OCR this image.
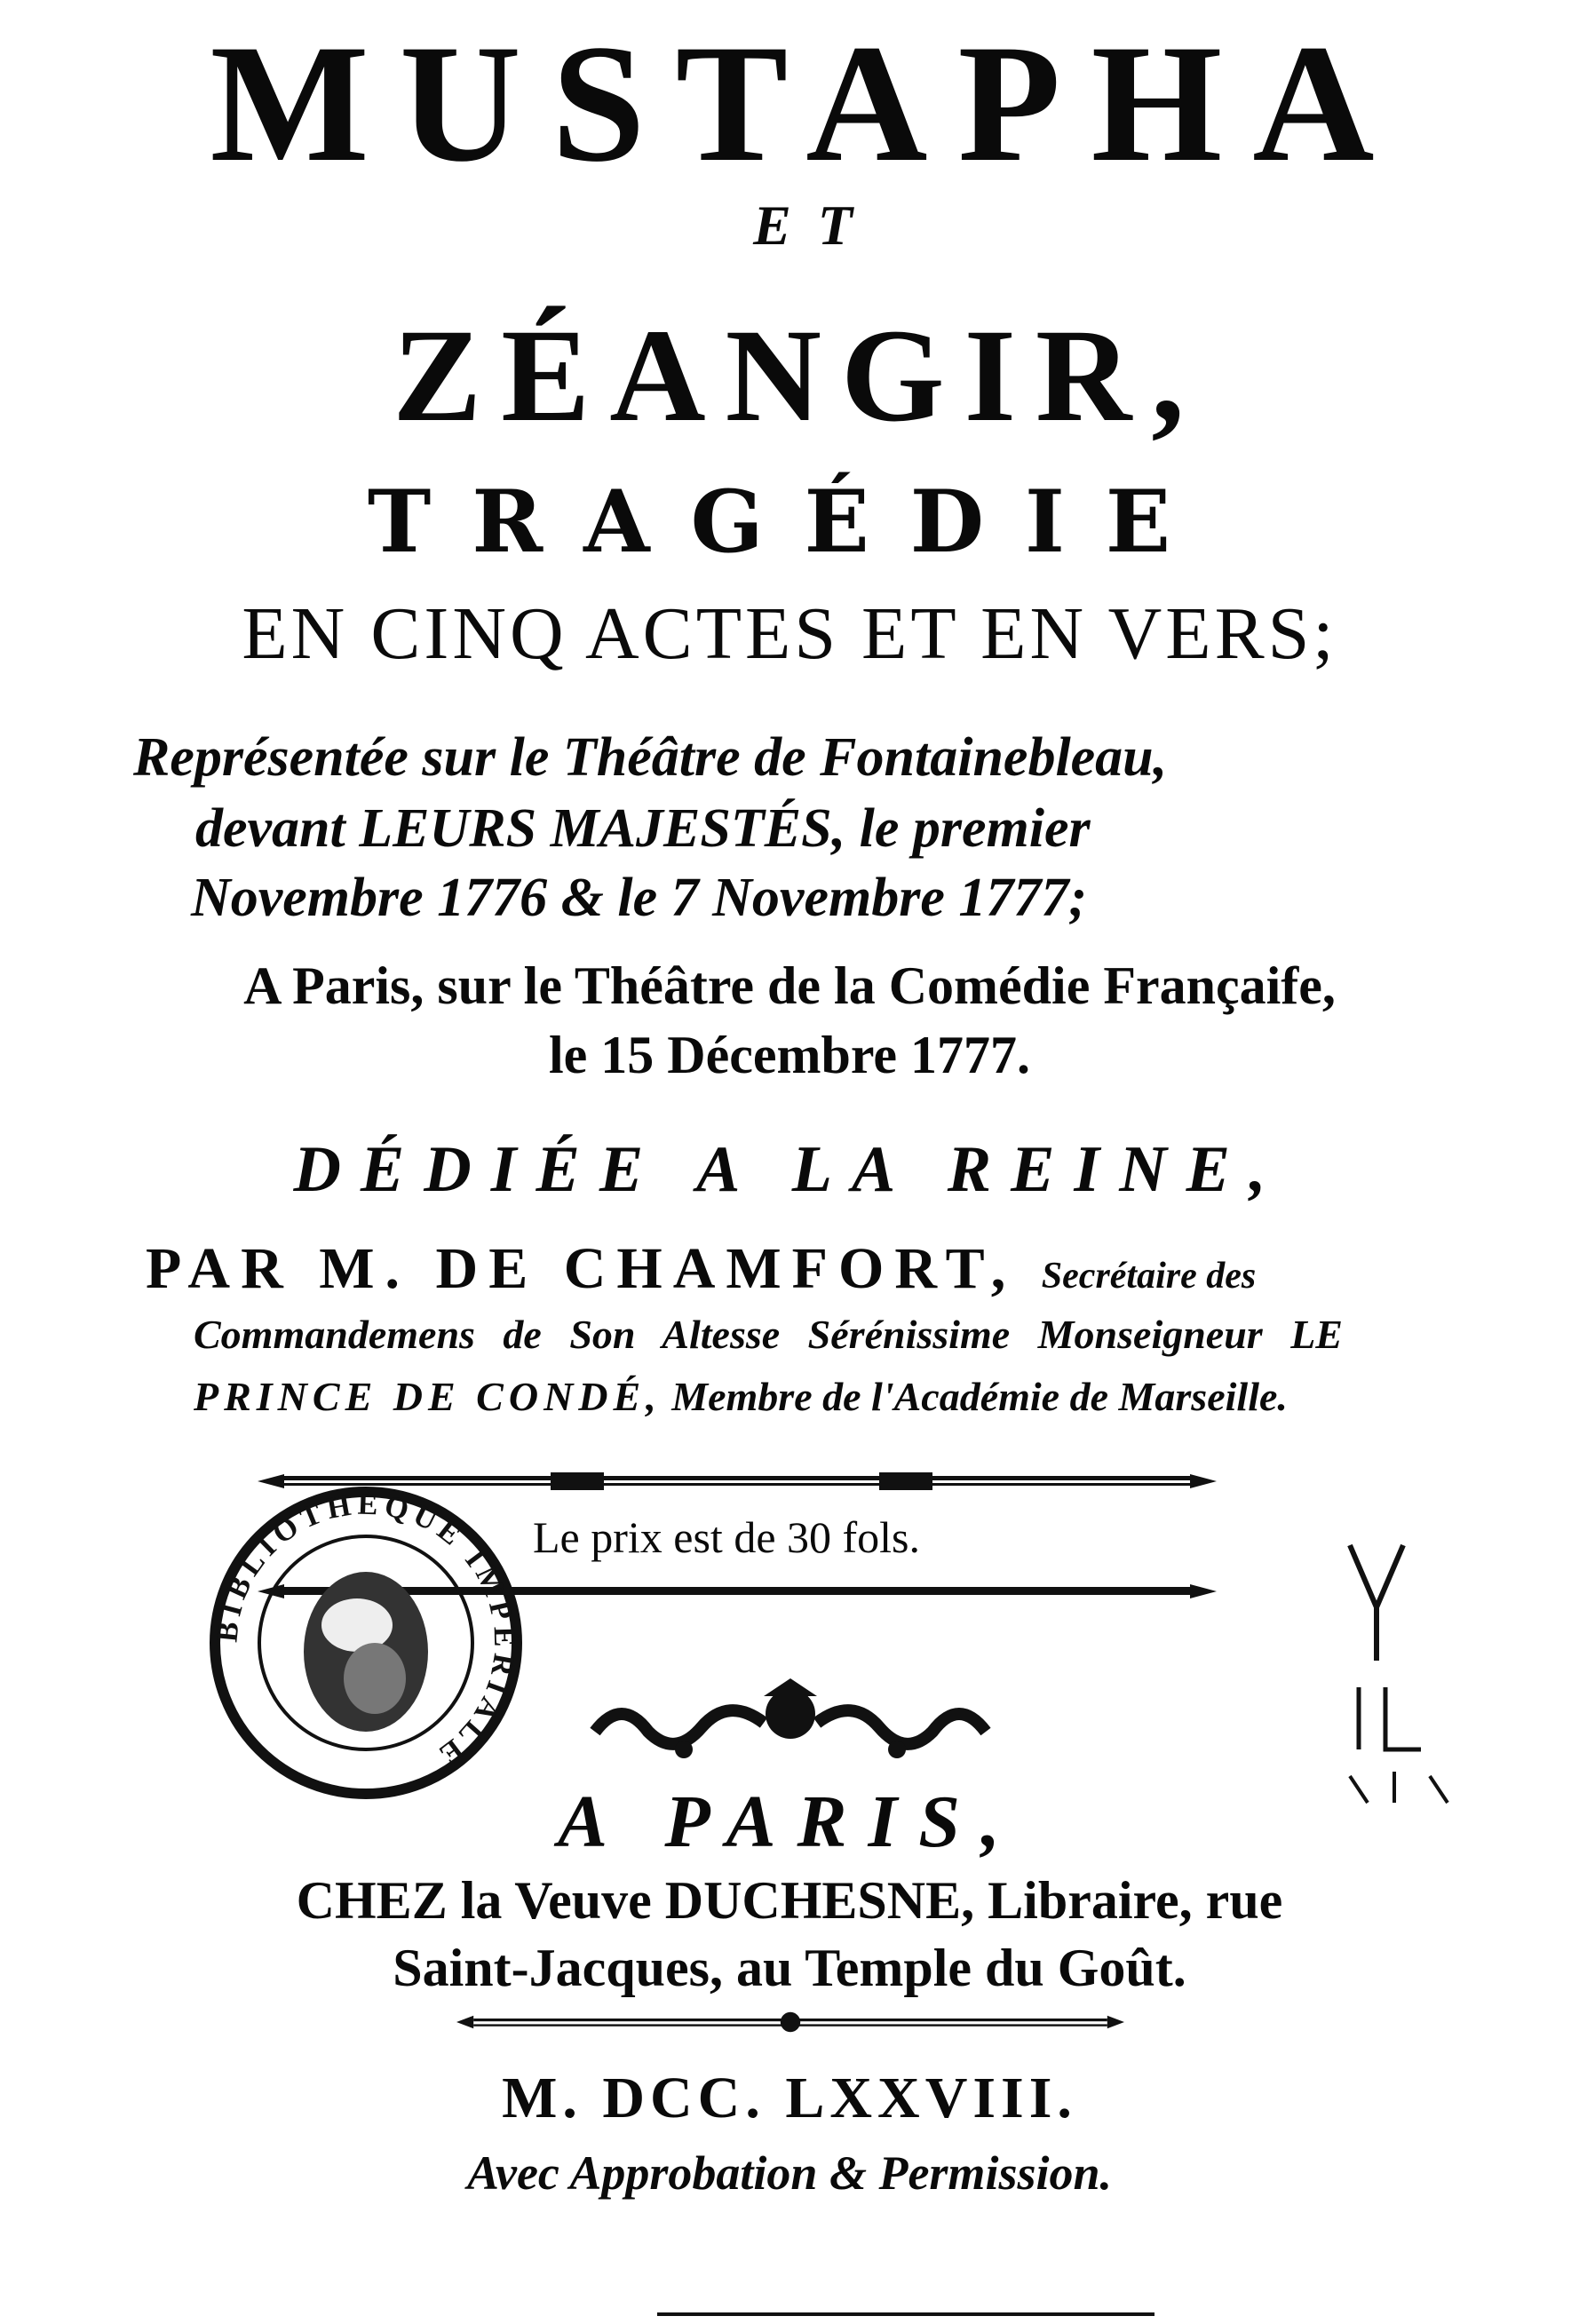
MUSTAPHA

ET

ZÉANGIR,

TRAGÉDIE

EN CINQ ACTES ET EN VERS;

Représentée sur le Théâtre de Fontainebleau,

devant LEURS MAJESTÉS, le premier

Novembre 1776 & le 7 Novembre 1777;

A Paris, sur le Théâtre de la Comédie Françaife,

le 15 Décembre 1777.

DÉDIÉE A LA REINE,

PAR M. DE CHAMFORT, Secrétaire des

Commandemens de Son Altesse Sérénissime Monseigneur LE

PRINCE DE CONDÉ, Membre de l'Académie de Marseille.

Le prix est de 30 fols.

BIBLIOTHÈQUE IMPÉRIALE

A PARIS,

CHEZ la Veuve DUCHESNE, Libraire, rue

Saint-Jacques, au Temple du Goût.

M. DCC. LXXVIII.

Avec Approbation & Permission.
